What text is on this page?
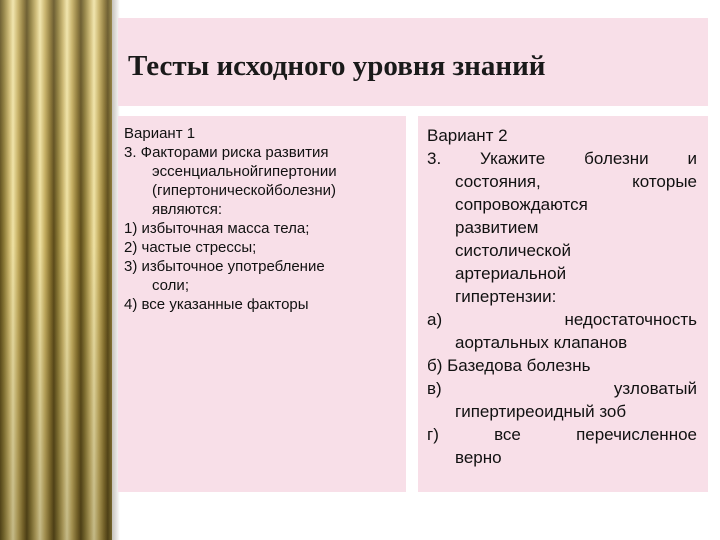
Тесты исходного уровня знаний

Вариант 1

3. Факторами риска развития

эссенциальнойгипертонии

(гипертоническойболезни)

являются:

1) избыточная масса тела;

2) частые стрессы;

3) избыточное употребление

соли;

4) все указанные факторы

Вариант 2

3. Укажите болезни и

состояния, которые

сопровождаются

развитием

систолической

артериальной

гипертензии:

а) недостаточность

аортальных клапанов

б) Базедова болезнь

в) узловатый

гипертиреоидный зоб

г) все перечисленное

верно
